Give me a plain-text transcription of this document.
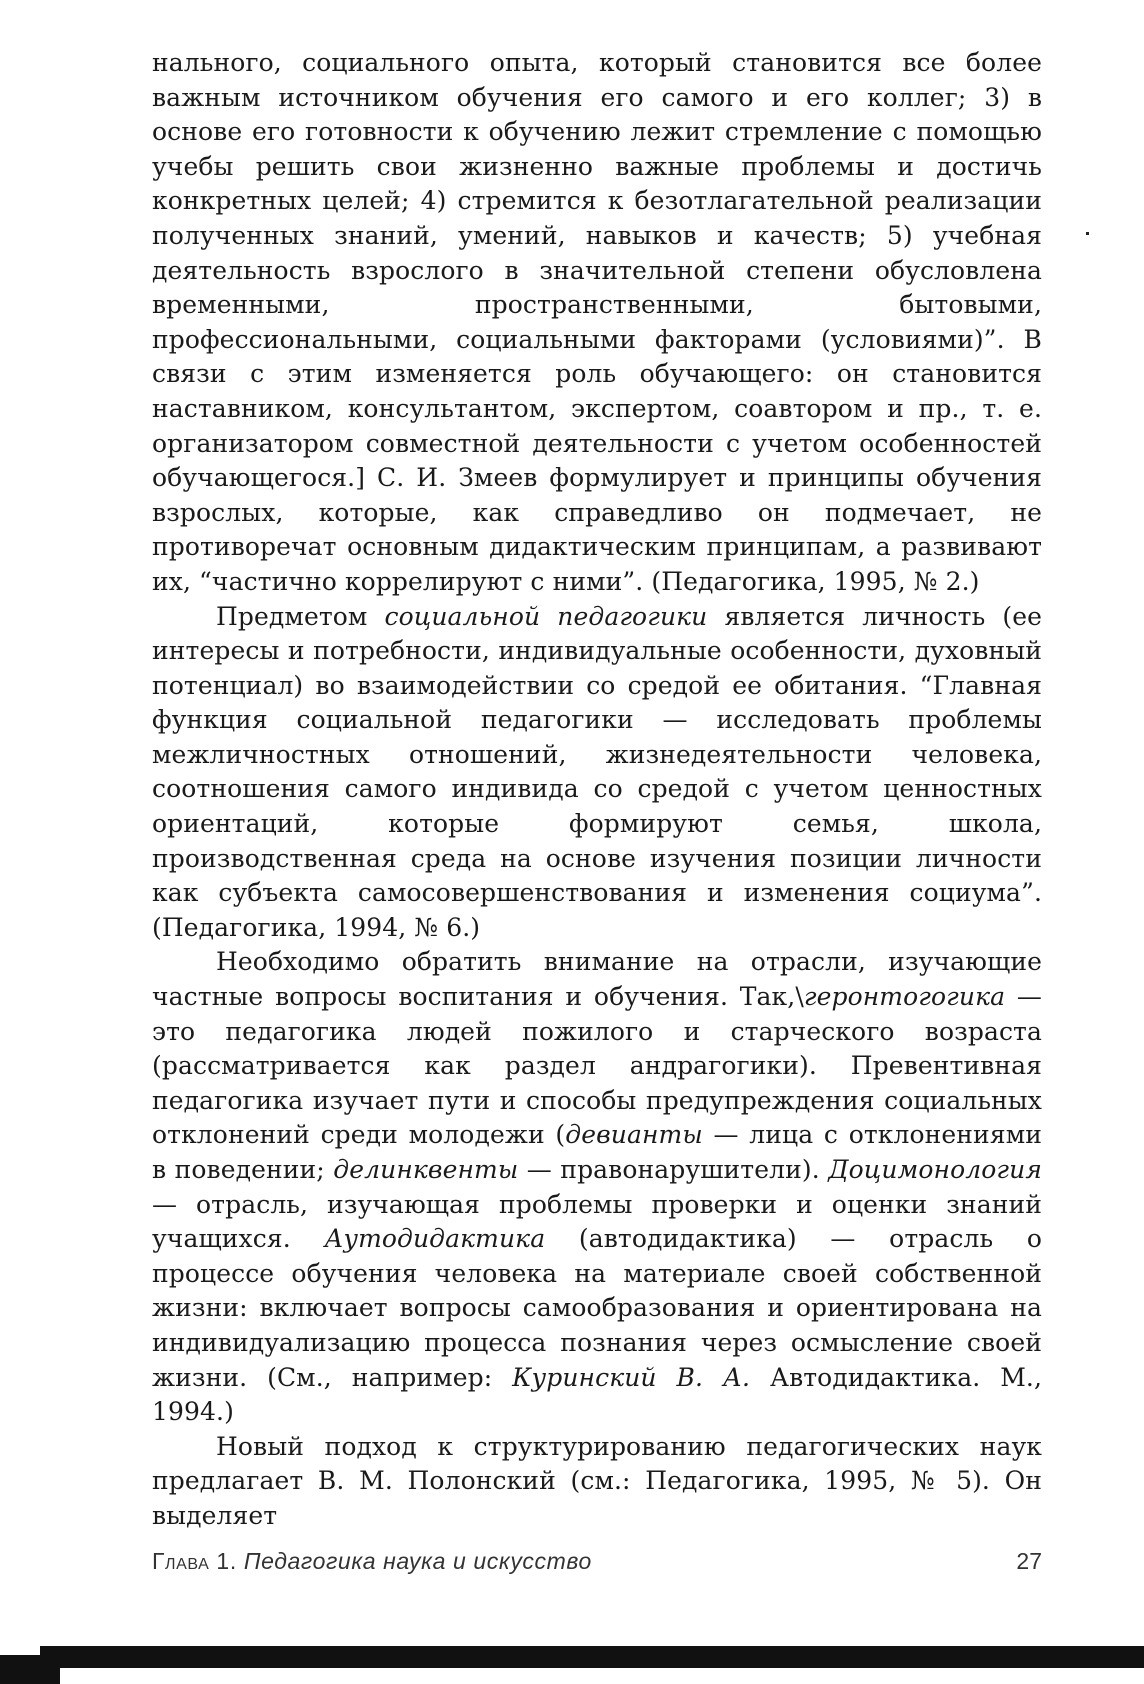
нального, социального опыта, который становится все более важным источником обучения его самого и его коллег; 3) в основе его готовности к обучению лежит стремление с помощью учебы решить свои жизненно важные проблемы и достичь конкретных целей; 4) стремится к безотлагательной реализации полученных знаний, умений, навыков и качеств; 5) учебная деятельность взрослого в значительной степени обусловлена временными, пространственными, бытовыми, профессиональными, социальными факторами (условиями)”. В связи с этим изменяется роль обучающего: он становится наставником, консультантом, экспертом, соавтором и пр., т. е. организатором совместной деятельности с учетом особенностей обучающегося.] С. И. Змеев формулирует и принципы обучения взрослых, которые, как справедливо он подмечает, не противоречат основным дидактическим принципам, а развивают их, “частично коррелируют с ними”. (Педагогика, 1995, № 2.)

Предметом социальной педагогики является личность (ее интересы и потребности, индивидуальные особенности, духовный потенциал) во взаимодействии со средой ее обитания. “Главная функция социальной педагогики — исследовать проблемы межличностных отношений, жизнедеятельности человека, соотношения самого индивида со средой с учетом ценностных ориентаций, которые формируют семья, школа, производственная среда на основе изучения позиции личности как субъекта самосовершенствования и изменения социума”. (Педагогика, 1994, № 6.)

Необходимо обратить внимание на отрасли, изучающие частные вопросы воспитания и обучения. Так,\геронтогогика — это педагогика людей пожилого и старческого возраста (рассматривается как раздел андрагогики). Превентивная педагогика изучает пути и способы предупреждения социальных отклонений среди молодежи (девианты — лица с отклонениями в поведении; делинквенты — правонарушители). Доцимонология — отрасль, изучающая проблемы проверки и оценки знаний учащихся. Аутодидактика (автодидактика) — отрасль о процессе обучения человека на материале своей собственной жизни: включает вопросы самообразования и ориентирована на индивидуализацию процесса познания через осмысление своей жизни. (См., например: Куринский В. А. Автодидактика. М., 1994.)

Новый подход к структурированию педагогических наук предлагает В. М. Полонский (см.: Педагогика, 1995, № 5). Он выделяет

Глава 1. Педагогика наука и искусство	27
